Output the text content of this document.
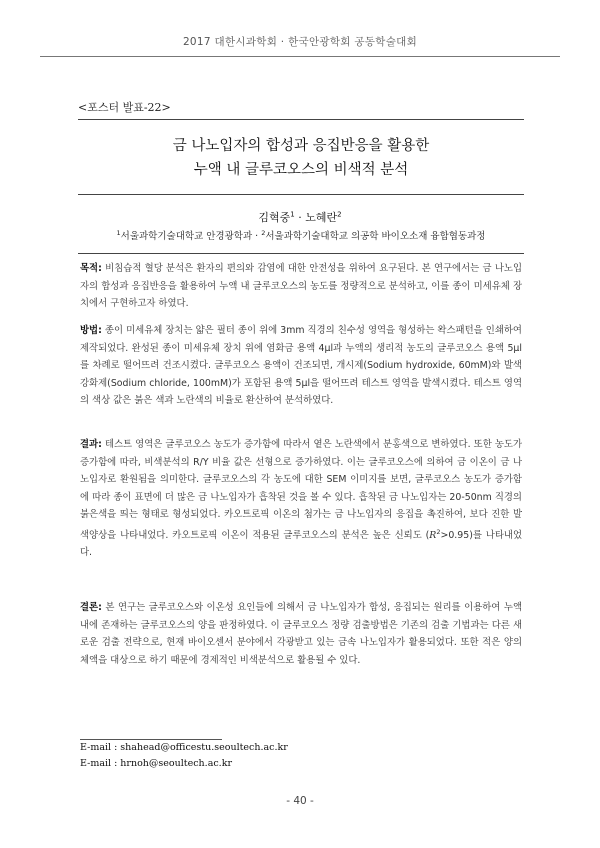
2017 대한시과학회 · 한국안광학회 공동학술대회
<포스터 발표-22>
금 나노입자의 합성과 응집반응을 활용한
누액 내 글루코오스의 비색적 분석
김혁중$^1$ · 노혜란$^2$
$^1$서울과학기술대학교 안경광학과 · $^2$서울과학기술대학교 의공학 바이오소재 융합협동과정
목적: 비침습적 혈당 분석은 환자의 편의와 감염에 대한 안전성을 위하여 요구된다. 본 연구에서는 금 나노입자의 합성과 응집반응을 활용하여 누액 내 글루코오스의 농도를 정량적으로 분석하고, 이를 종이 미세유체 장치에서 구현하고자 하였다.
방법: 종이 미세유체 장치는 얇은 필터 종이 위에 3mm 직경의 친수성 영역을 형성하는 왁스패턴을 인쇄하여 제작되었다. 완성된 종이 미세유체 장치 위에 염화금 용액 4μl과 누액의 생리적 농도의 글루코오스 용액 5μl를 차례로 떨어뜨려 건조시켰다. 글루코오스 용액이 건조되면, 개시제(Sodium hydroxide, 60mM)와 발색강화제(Sodium chloride, 100mM)가 포함된 용액 5μl을 떨어뜨려 테스트 영역을 발색시켰다. 테스트 영역의 색상 값은 붉은 색과 노란색의 비율로 환산하여 분석하였다.
결과: 테스트 영역은 글루코오스 농도가 증가함에 따라서 옅은 노란색에서 분홍색으로 변하였다. 또한 농도가 증가함에 따라, 비색분석의 R/Y 비율 값은 선형으로 증가하였다. 이는 글루코오스에 의하여 금 이온이 금 나노입자로 환원됨을 의미한다. 글루코오스의 각 농도에 대한 SEM 이미지를 보면, 글루코오스 농도가 증가함에 따라 종이 표면에 더 많은 금 나노입자가 흡착된 것을 볼 수 있다. 흡착된 금 나노입자는 20-50nm 직경의 붉은색을 띄는 형태로 형성되었다. 카오트로픽 이온의 첨가는 금 나노입자의 응집을 촉진하여, 보다 진한 발색양상을 나타내었다. 카오트로픽 이온이 적용된 글루코오스의 분석은 높은 신뢰도 $(R^2>0.95)$를 나타내었다.
결론: 본 연구는 글루코오스와 이온성 요인들에 의해서 금 나노입자가 합성, 응집되는 원리를 이용하여 누액 내에 존재하는 글루코오스의 양을 판정하였다. 이 글루코오스 정량 검출방법은 기존의 검출 기법과는 다른 새로운 검출 전략으로, 현재 바이오센서 분야에서 각광받고 있는 금속 나노입자가 활용되었다. 또한 적은 양의 체액을 대상으로 하기 때문에 경제적인 비색분석으로 활용될 수 있다.
E-mail : shahead@officestu.seoultech.ac.kr
E-mail : hrnoh@seoultech.ac.kr
- 40 -
